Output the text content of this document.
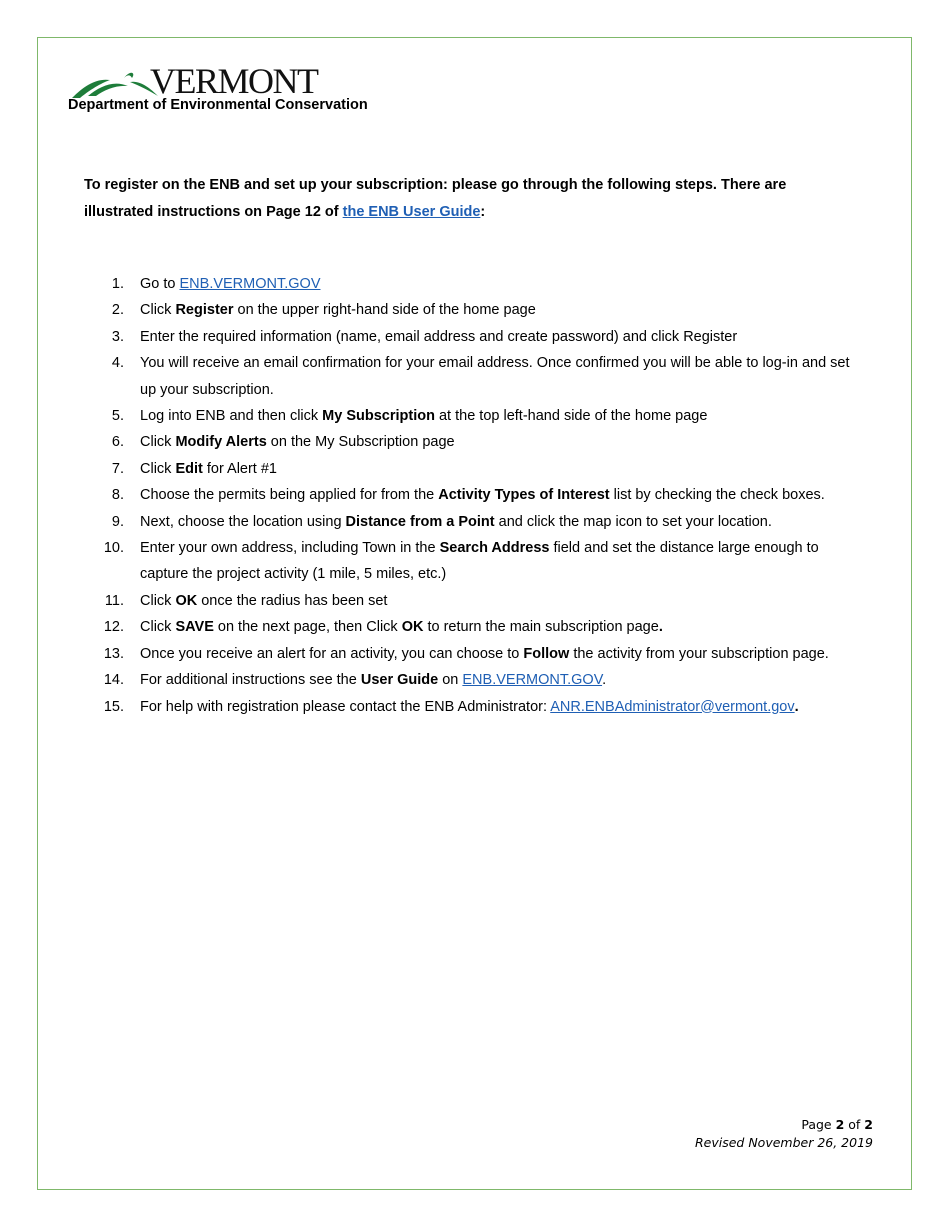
VERMONT
Department of Environmental Conservation

To register on the ENB and set up your subscription: please go through the following steps. There are illustrated instructions on Page 12 of the ENB User Guide:

1. Go to ENB.VERMONT.GOV
2. Click Register on the upper right-hand side of the home page
3. Enter the required information (name, email address and create password) and click Register
4. You will receive an email confirmation for your email address. Once confirmed you will be able to log-in and set up your subscription.
5. Log into ENB and then click My Subscription at the top left-hand side of the home page
6. Click Modify Alerts on the My Subscription page
7. Click Edit for Alert #1
8. Choose the permits being applied for from the Activity Types of Interest list by checking the check boxes.
9. Next, choose the location using Distance from a Point and click the map icon to set your location.
10. Enter your own address, including Town in the Search Address field and set the distance large enough to capture the project activity (1 mile, 5 miles, etc.)
11. Click OK once the radius has been set
12. Click SAVE on the next page, then Click OK to return the main subscription page.
13. Once you receive an alert for an activity, you can choose to Follow the activity from your subscription page.
14. For additional instructions see the User Guide on ENB.VERMONT.GOV.
15. For help with registration please contact the ENB Administrator: ANR.ENBAdministrator@vermont.gov.
Page 2 of 2
Revised November 26, 2019
